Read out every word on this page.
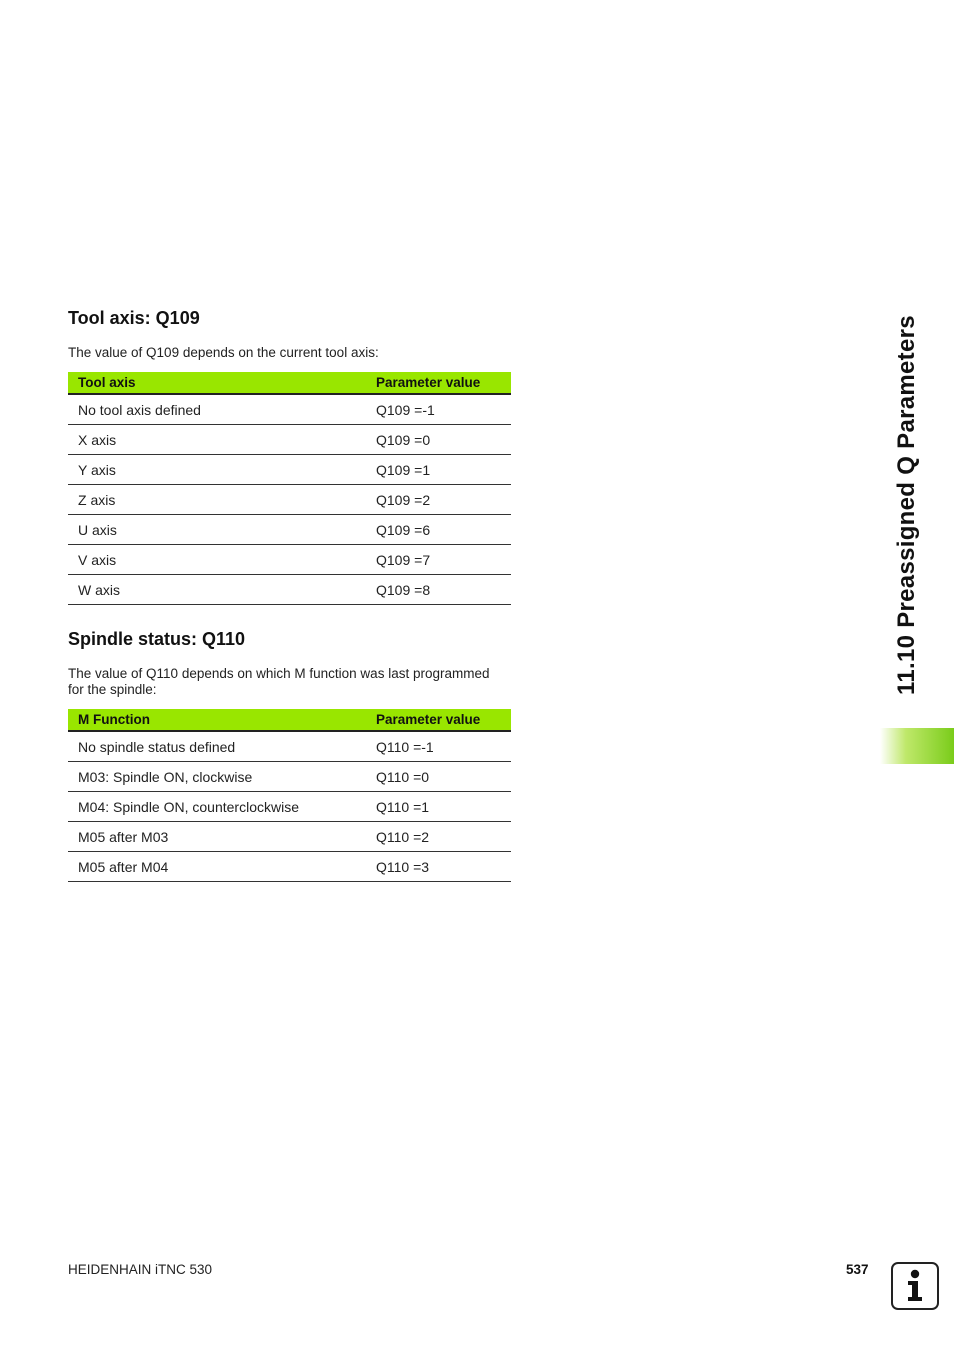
Tool axis: Q109

The value of Q109 depends on the current tool axis:

Tool axis	Parameter value
No tool axis defined	Q109 =-1
X axis	Q109 =0
Y axis	Q109 =1
Z axis	Q109 =2
U axis	Q109 =6
V axis	Q109 =7
W axis	Q109 =8
Spindle status: Q110

The value of Q110 depends on which M function was last programmed for the spindle:

M Function	Parameter value
No spindle status defined	Q110 =-1
M03: Spindle ON, clockwise	Q110 =0
M04: Spindle ON, counterclockwise	Q110 =1
M05 after M03	Q110 =2
M05 after M04	Q110 =3
11.10 Preassigned Q Parameters
HEIDENHAIN iTNC 530	537
